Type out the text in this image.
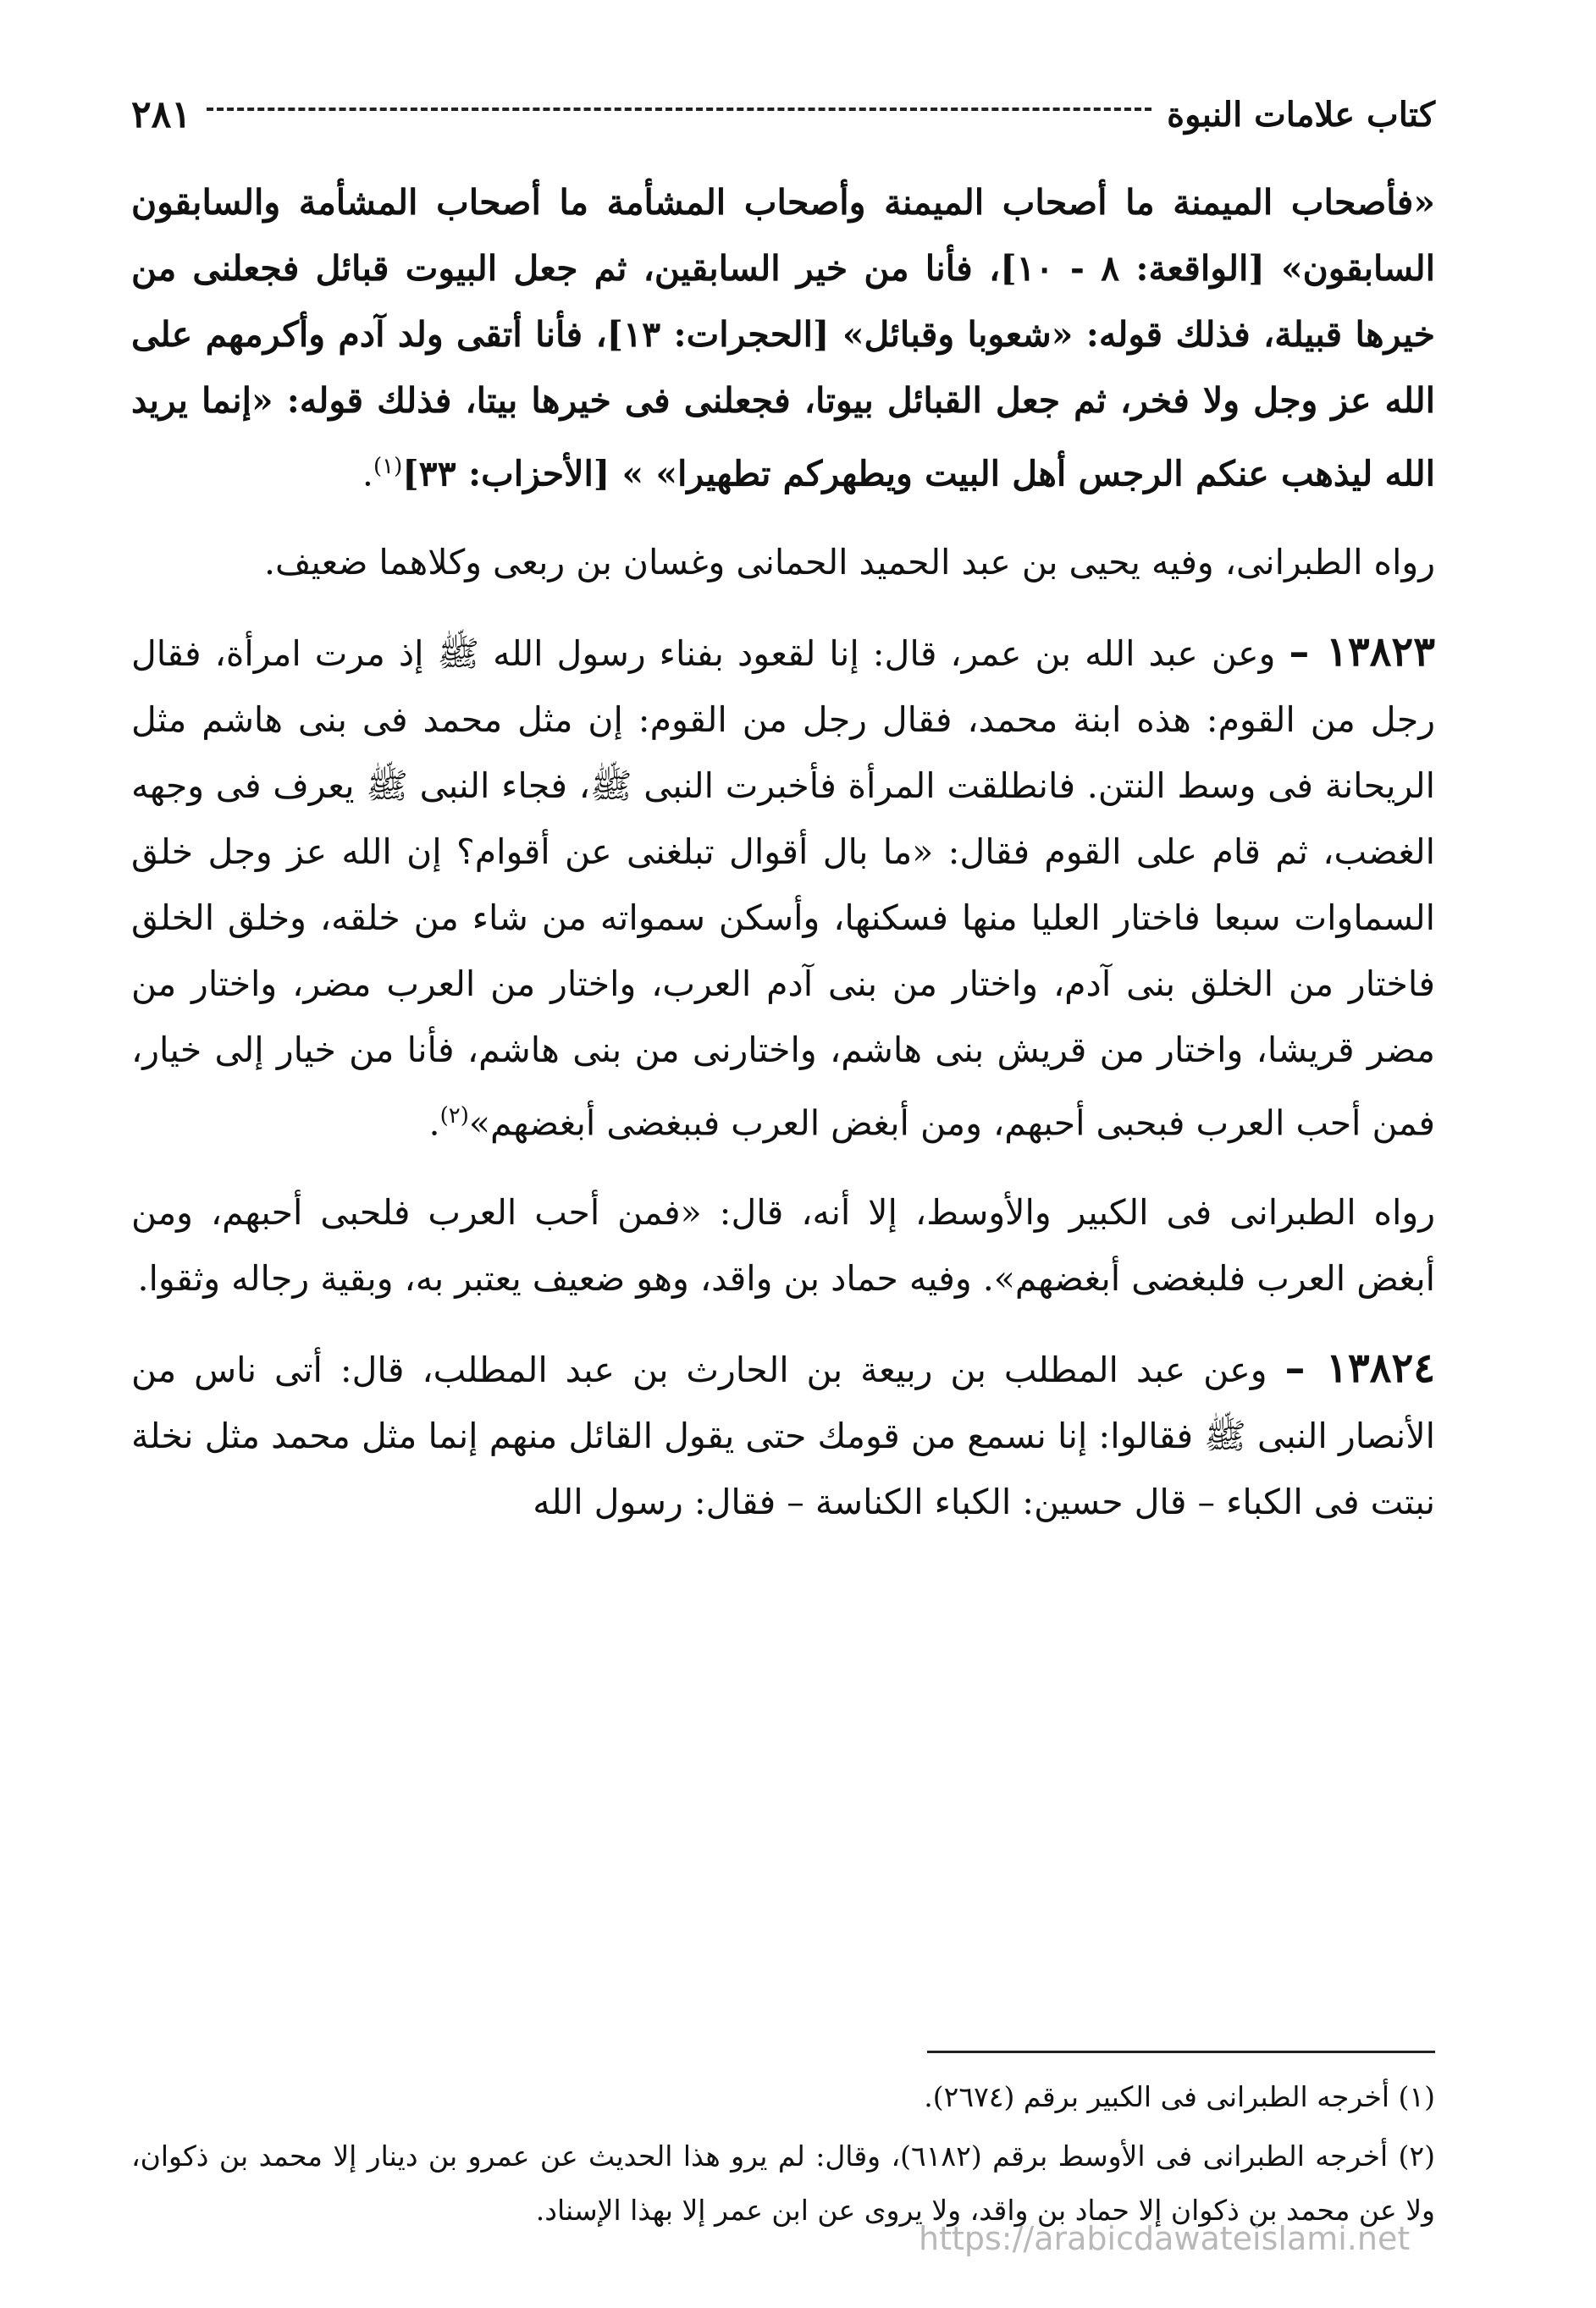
كتاب علامات النبوة
٢٨١

«فأصحاب الميمنة ما أصحاب الميمنة وأصحاب المشأمة ما أصحاب المشأمة والسابقون السابقون» [الواقعة: ٨ - ١٠]، فأنا من خير السابقين، ثم جعل البيوت قبائل فجعلنى من خيرها قبيلة، فذلك قوله: «شعوبا وقبائل» [الحجرات: ١٣]، فأنا أتقى ولد آدم وأكرمهم على الله عز وجل ولا فخر، ثم جعل القبائل بيوتا، فجعلنى فى خيرها بيتا، فذلك قوله: «إنما يريد الله ليذهب عنكم الرجس أهل البيت ويطهركم تطهيرا» » [الأحزاب: ٣٣]$^{(١)}$.

رواه الطبرانى، وفيه يحيى بن عبد الحميد الحمانى وغسان بن ربعى وكلاهما ضعيف.

١٣٨٢٣ – وعن عبد الله بن عمر، قال: إنا لقعود بفناء رسول الله ﷺ إذ مرت امرأة، فقال رجل من القوم: هذه ابنة محمد، فقال رجل من القوم: إن مثل محمد فى بنى هاشم مثل الريحانة فى وسط النتن. فانطلقت المرأة فأخبرت النبى ﷺ، فجاء النبى ﷺ يعرف فى وجهه الغضب، ثم قام على القوم فقال: «ما بال أقوال تبلغنى عن أقوام؟ إن الله عز وجل خلق السماوات سبعا فاختار العليا منها فسكنها، وأسكن سمواته من شاء من خلقه، وخلق الخلق فاختار من الخلق بنى آدم، واختار من بنى آدم العرب، واختار من العرب مضر، واختار من مضر قريشا، واختار من قريش بنى هاشم، واختارنى من بنى هاشم، فأنا من خيار إلى خيار، فمن أحب العرب فبحبى أحبهم، ومن أبغض العرب فببغضى أبغضهم»$^{(٢)}$.

رواه الطبرانى فى الكبير والأوسط، إلا أنه، قال: «فمن أحب العرب فلحبى أحبهم، ومن أبغض العرب فلبغضى أبغضهم». وفيه حماد بن واقد، وهو ضعيف يعتبر به، وبقية رجاله وثقوا.

١٣٨٢٤ – وعن عبد المطلب بن ربيعة بن الحارث بن عبد المطلب، قال: أتى ناس من الأنصار النبى ﷺ فقالوا: إنا نسمع من قومك حتى يقول القائل منهم إنما مثل محمد مثل نخلة نبتت فى الكباء – قال حسين: الكباء الكناسة – فقال: رسول الله

(١) أخرجه الطبرانى فى الكبير برقم (٢٦٧٤).

(٢) أخرجه الطبرانى فى الأوسط برقم (٦١٨٢)، وقال: لم يرو هذا الحديث عن عمرو بن دينار إلا محمد بن ذكوان، ولا عن محمد بن ذكوان إلا حماد بن واقد، ولا يروى عن ابن عمر إلا بهذا الإسناد.

https://arabicdawateislami.net
